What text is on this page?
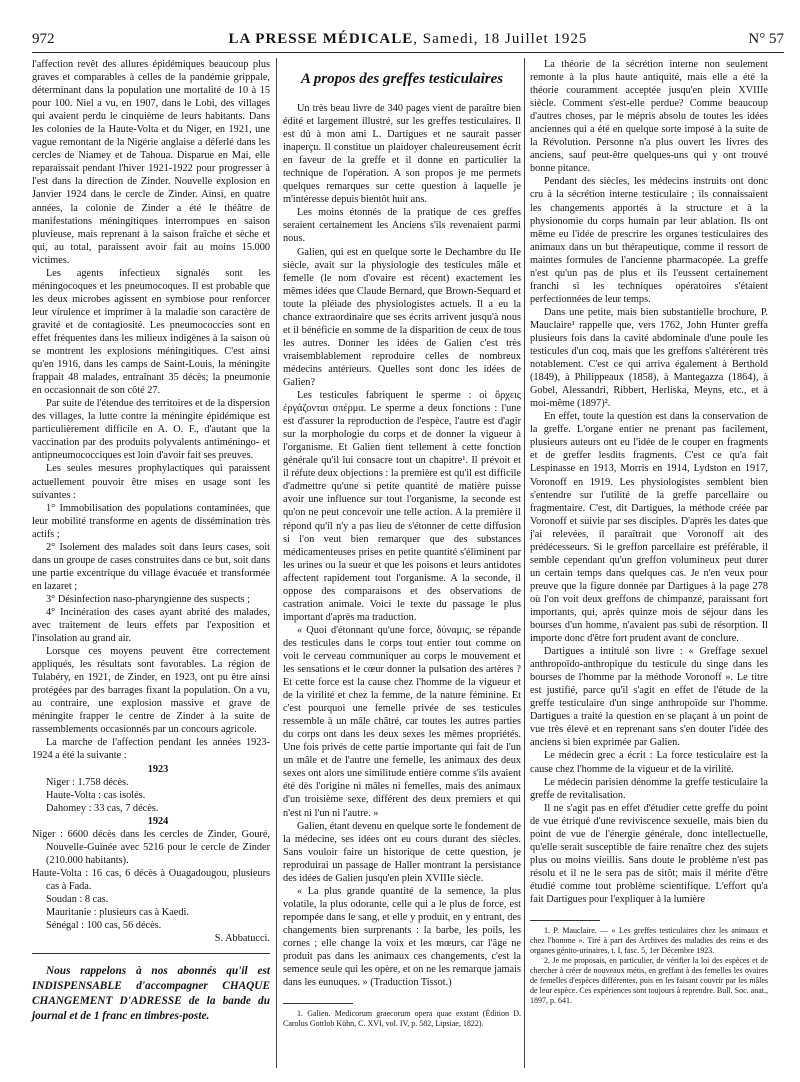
972	LA PRESSE MÉDICALE, Samedi, 18 Juillet 1925	N° 57

l'affection revêt des allures épidémiques beaucoup plus graves et comparables à celles de la pandémie grippale, déterminant dans la population une mortalité de 10 à 15 pour 100. Niel a vu, en 1907, dans le Lobi, des villages qui avaient perdu le cinquième de leurs habitants. Dans les colonies de la Haute-Volta et du Niger, en 1921, une vague remontant de la Nigérie anglaise a déferlé dans les cercles de Niamey et de Tahoua. Disparue en Mai, elle reparaissait pendant l'hiver 1921-1922 pour progresser à l'est dans la direction de Zinder. Nouvelle explosion en Janvier 1924 dans le cercle de Zinder. Ainsi, en quatre années, la colonie de Zinder a été le théâtre de manifestations méningitiques interrompues en saison pluvieuse, mais reprenant à la saison fraîche et sèche et qui, au total, paraissent avoir fait au moins 15.000 victimes.

Les agents infectieux signalés sont les méningocoques et les pneumocoques. Il est probable que les deux microbes agissent en symbiose pour renforcer leur virulence et imprimer à la maladie son caractère de gravité et de contagiosité. Les pneumococcies sont en effet fréquentes dans les milieux indigènes à la saison où se montrent les explosions méningitiques. C'est ainsi qu'en 1916, dans les camps de Saint-Louis, la méningite frappait 48 malades, entraînant 35 décès; la pneumonie en occasionnait de son côté 27.

Par suite de l'étendue des territoires et de la dispersion des villages, la lutte contre la méningite épidémique est particulièrement difficile en A. O. F., d'autant que la vaccination par des produits polyvalents antiméningo- et antipneumococciques est loin d'avoir fait ses preuves.

Les seules mesures prophylactiques qui paraissent actuellement pouvoir être mises en usage sont les suivantes :

1° Immobilisation des populations contaminées, que leur mobilité transforme en agents de dissémination très actifs ;

2° Isolement des malades soit dans leurs cases, soit dans un groupe de cases construites dans ce but, soit dans une partie excentrique du village évacuée et transformée en lazaret ;

3° Désinfection naso-pharyngienne des suspects ;

4° Incinération des cases ayant abrité des malades, avec traitement de leurs effets par l'exposition et l'insolation au grand air.

Lorsque ces moyens peuvent être correctement appliqués, les résultats sont favorables. La région de Tulabéry, en 1921, de Zinder, en 1923, ont pu être ainsi protégées par des barrages fixant la population. On a vu, au contraire, une explosion massive et grave de méningite frapper le centre de Zinder à la suite de rassemblements occasionnés par un concours agricole.

La marche de l'affection pendant les années 1923-1924 a été la suivante :

1923

Niger : 1.758 décès.

Haute-Volta : cas isolés.

Dahomey : 33 cas, 7 décès.

1924

Niger : 6600 décès dans les cercles de Zinder, Gouré, Nouvelle-Guinée avec 5216 pour le cercle de Zinder (210.000 habitants).

Haute-Volta : 16 cas, 6 décès à Ouagadougou, plusieurs cas à Fada.

Soudan : 8 cas.

Mauritanie : plusieurs cas à Kaedi.

Sénégal : 100 cas, 56 décès.

S. Abbatucci.

Nous rappelons à nos abonnés qu'il est INDISPENSABLE d'accompagner CHAQUE CHANGEMENT D'ADRESSE de la bande du journal et de 1 franc en timbres-poste.

A propos des greffes testiculaires

Un très beau livre de 340 pages vient de paraître bien édité et largement illustré, sur les greffes testiculaires. Il est dû à mon ami L. Dartigues et ne saurait passer inaperçu. Il constitue un plaidoyer chaleureusement écrit en faveur de la greffe et il donne en particulier la technique de l'opération. A son propos je me permets quelques remarques sur cette question à laquelle je m'intéresse depuis bientôt huit ans.

Les moins étonnés de la pratique de ces greffes seraient certainement les Anciens s'ils revenaient parmi nous.

Galien, qui est en quelque sorte le Dechambre du IIe siècle, avait sur la physiologie des testicules mâle et femelle (le nom d'ovaire est récent) exactement les mêmes idées que Claude Bernard, que Brown-Sequard et toute la pléiade des physiologistes actuels. Il a eu la chance extraordinaire que ses écrits arrivent jusqu'à nous et il bénéficie en somme de la disparition de ceux de tous les autres. Donner les idées de Galien c'est très vraisemblablement reproduire celles de nombreux médecins antérieurs. Quelles sont donc les idées de Galien?

Les testicules fabriquent le sperme : οἱ ὄρχεις ἐργάζονται σπέρμα. Le sperme a deux fonctions : l'une est d'assurer la reproduction de l'espèce, l'autre est d'agir sur la morphologie du corps et de donner la vigueur à l'organisme. Et Galien tient tellement à cette fonction générale qu'il lui consacre tout un chapitre¹. Il prévoit et il réfute deux objections : la première est qu'il est difficile d'admettre qu'une si petite quantité de matière puisse avoir une influence sur tout l'organisme, la seconde est qu'on ne peut concevoir une telle action. A la première il répond qu'il n'y a pas lieu de s'étonner de cette diffusion si l'on veut bien remarquer que des substances médicamenteuses prises en petite quantité s'éliminent par les urines ou la sueur et que les poisons et leurs antidotes affectent rapidement tout l'organisme. A la seconde, il oppose des comparaisons et des observations de castration animale. Voici le texte du passage le plus important d'après ma traduction.

« Quoi d'étonnant qu'une force, δύναμις, se répande des testicules dans le corps tout entier tout comme on voit le cerveau communiquer au corps le mouvement et les sensations et le cœur donner la pulsation des artères ? Et cette force est la cause chez l'homme de la vigueur et de la virilité et chez la femme, de la nature féminine. Et c'est pourquoi une femelle privée de ses testicules ressemble à un mâle châtré, car toutes les autres parties du corps ont dans les deux sexes les mêmes propriétés. Une fois privés de cette partie importante qui fait de l'un un mâle et de l'autre une femelle, les animaux des deux sexes ont alors une similitude entière comme s'ils avaient été dès l'origine ni mâles ni femelles, mais des animaux d'un troisième sexe, différent des deux premiers et qui n'est ni l'un ni l'autre. »

Galien, étant devenu en quelque sorte le fondement de la médecine, ses idées ont eu cours durant des siècles. Sans vouloir faire un historique de cette question, je reproduirai un passage de Haller montrant la persistance des idées de Galien jusqu'en plein XVIIIe siècle.

« La plus grande quantité de la semence, la plus volatile, la plus odorante, celle qui a le plus de force, est repompée dans le sang, et elle y produit, en y entrant, des changements bien surprenants : la barbe, les poils, les cornes ; elle change la voix et les mœurs, car l'âge ne produit pas dans les animaux ces changements, c'est la semence seule qui les opère, et on ne les remarque jamais dans les eunuques. » (Traduction Tissot.)

1. Galien. Medicorum graecorum opera quae exstant (Édition D. Carolus Gottlob Kühn, C. XVI, vol. IV, p. 582, Lipsiae, 1822).

La théorie de la sécrétion interne non seulement remonte à la plus haute antiquité, mais elle a été la théorie couramment acceptée jusqu'en plein XVIIIe siècle. Comment s'est-elle perdue? Comme beaucoup d'autres choses, par le mépris absolu de toutes les idées anciennes qui a été en quelque sorte imposé à la suite de la Révolution. Personne n'a plus ouvert les livres des anciens, sauf peut-être quelques-uns qui y ont trouvé bonne pitance.

Pendant des siècles, les médecins instruits ont donc cru à la sécrétion interne testiculaire ; ils connaissaient les changements apportés à la structure et à la physionomie du corps humain par leur ablation. Ils ont même eu l'idée de prescrire les organes testiculaires des animaux dans un but thérapeutique, comme il ressort de maintes formules de l'ancienne pharmacopée. La greffe n'est qu'un pas de plus et ils l'eussent certainement franchi si les techniques opératoires s'étaient perfectionnées de leur temps.

Dans une petite, mais bien substantielle brochure, P. Mauclaire¹ rappelle que, vers 1762, John Hunter greffa plusieurs fois dans la cavité abdominale d'une poule les testicules d'un coq, mais que les greffons s'altérèrent très notablement. C'est ce qui arriva également à Berthold (1849), à Philippeaux (1858), à Mantegazza (1864), à Gobel, Alessandri, Ribbert, Herliska, Meyns, etc., et à moi-même (1897)².

En effet, toute la question est dans la conservation de la greffe. L'organe entier ne prenant pas facilement, plusieurs auteurs ont eu l'idée de le couper en fragments et de greffer lesdits fragments. C'est ce qu'a fait Lespinasse en 1913, Morris en 1914, Lydston en 1917, Voronoff en 1919. Les physiologistes semblent bien s'entendre sur l'utilité de la greffe parcellaire ou fragmentaire. C'est, dit Dartigues, la méthode créée par Voronoff et suivie par ses disciples. D'après les dates que j'ai relevées, il paraîtrait que Voronoff ait des prédécesseurs. Si le greffon parcellaire est préférable, il semble cependant qu'un greffon volumineux peut durer un certain temps dans quelques cas. Je n'en veux pour preuve que la figure donnée par Dartigues à la page 278 où l'on voit deux greffons de chimpanzé, paraissant fort importants, qui, après quinze mois de séjour dans les bourses d'un homme, n'avaient pas subi de résorption. Il importe donc d'être fort prudent avant de conclure.

Dartigues a intitulé son livre : « Greffage sexuel anthropoïdo-anthropique du testicule du singe dans les bourses de l'homme par la méthode Voronoff ». Le titre est justifié, parce qu'il s'agit en effet de l'étude de la greffe testiculaire d'un singe anthropoïde sur l'homme. Dartigues a traité la question en se plaçant à un point de vue très élevé et en reprenant sans s'en douter l'idée des anciens si bien exprimée par Galien.

Le médecin grec a écrit : La force testiculaire est la cause chez l'homme de la vigueur et de la virilité.

Le médecin parisien dénomme la greffe testiculaire la greffe de revitalisation.

Il ne s'agit pas en effet d'étudier cette greffe du point de vue étriqué d'une reviviscence sexuelle, mais bien du point de vue de l'énergie générale, donc intellectuelle, qu'elle serait susceptible de faire renaître chez des sujets plus ou moins vieillis. Sans doute le problème n'est pas résolu et il ne le sera pas de sitôt; mais il mérite d'être étudié comme tout problème scientifique. L'effort qu'a fait Dartigues pour l'expliquer à la lumière

1. P. Mauclaire. — « Les greffes testiculaires chez les animaux et chez l'homme ». Tiré à part des Archives des maladies des reins et des organes génito-urinaires, t. I, fasc. 5, 1er Décembre 1923.

2. Je me proposais, en particulier, de vérifier la loi des espèces et de chercher à créer de nouveaux métis, en greffant à des femelles les ovaires de femelles d'espèces différentes, puis en les faisant couvrir par les mâles de leur espèce. Ces expériences sont toujours à reprendre. Bull. Soc. anat., 1897, p. 641.
